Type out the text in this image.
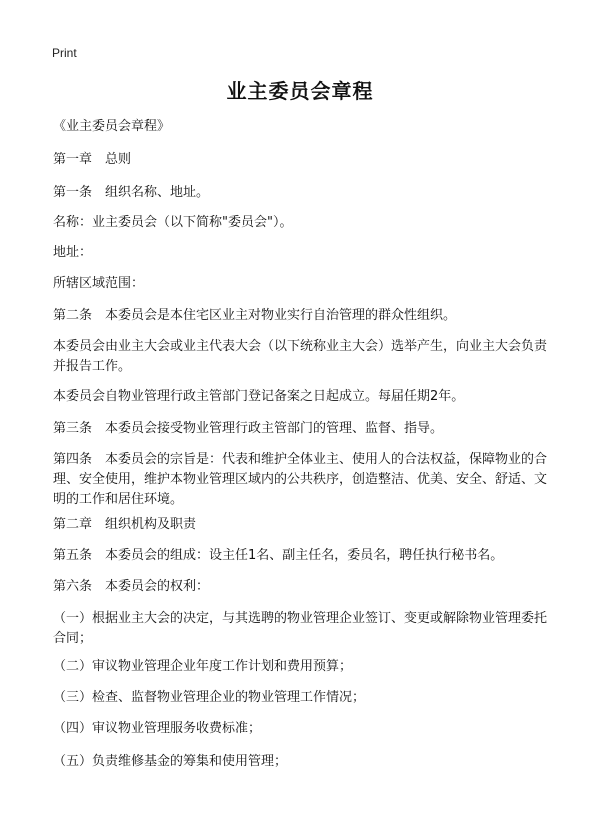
Print
业主委员会章程

《业主委员会章程》

第一章　总则

第一条　组织名称、地址。

名称：业主委员会（以下简称"委员会"）。

地址：

所辖区域范围：

第二条　本委员会是本住宅区业主对物业实行自治管理的群众性组织。

本委员会由业主大会或业主代表大会（以下统称业主大会）选举产生，向业主大会负责并报告工作。

本委员会自物业管理行政主管部门登记备案之日起成立。每届任期2年。

第三条　本委员会接受物业管理行政主管部门的管理、监督、指导。

第四条　本委员会的宗旨是：代表和维护全体业主、使用人的合法权益，保障物业的合理、安全使用，维护本物业管理区域内的公共秩序，创造整洁、优美、安全、舒适、文明的工作和居住环境。

第二章　组织机构及职责

第五条　本委员会的组成：设主任1名、副主任名，委员名，聘任执行秘书名。

第六条　本委员会的权利：

（一）根据业主大会的决定，与其选聘的物业管理企业签订、变更或解除物业管理委托合同；

（二）审议物业管理企业年度工作计划和费用预算；

（三）检查、监督物业管理企业的物业管理工作情况；

（四）审议物业管理服务收费标准；

（五）负责维修基金的筹集和使用管理；
